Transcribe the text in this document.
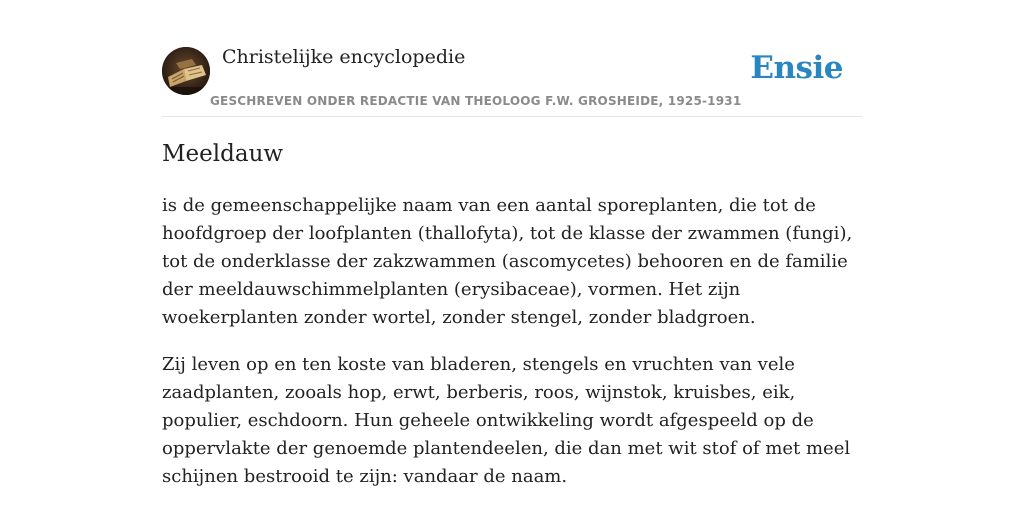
Christelijke encyclopedie
GESCHREVEN ONDER REDACTIE VAN THEOLOOG F.W. GROSHEIDE, 1925-1931
Ensie
Meeldauw

is de gemeenschappelijke naam van een aantal sporeplanten, die tot de hoofdgroep der loofplanten (thallofyta), tot de klasse der zwammen (fungi), tot de onderklasse der zakzwammen (ascomycetes) behooren en de familie der meeldauwschimmelplanten (erysibaceae), vormen. Het zijn woekerplanten zonder wortel, zonder stengel, zonder bladgroen.

Zij leven op en ten koste van bladeren, stengels en vruchten van vele zaadplanten, zooals hop, erwt, berberis, roos, wijnstok, kruisbes, eik, populier, eschdoorn. Hun geheele ontwikkeling wordt afgespeeld op de oppervlakte der genoemde plantendeelen, die dan met wit stof of met meel schijnen bestrooid te zijn: vandaar de naam.
